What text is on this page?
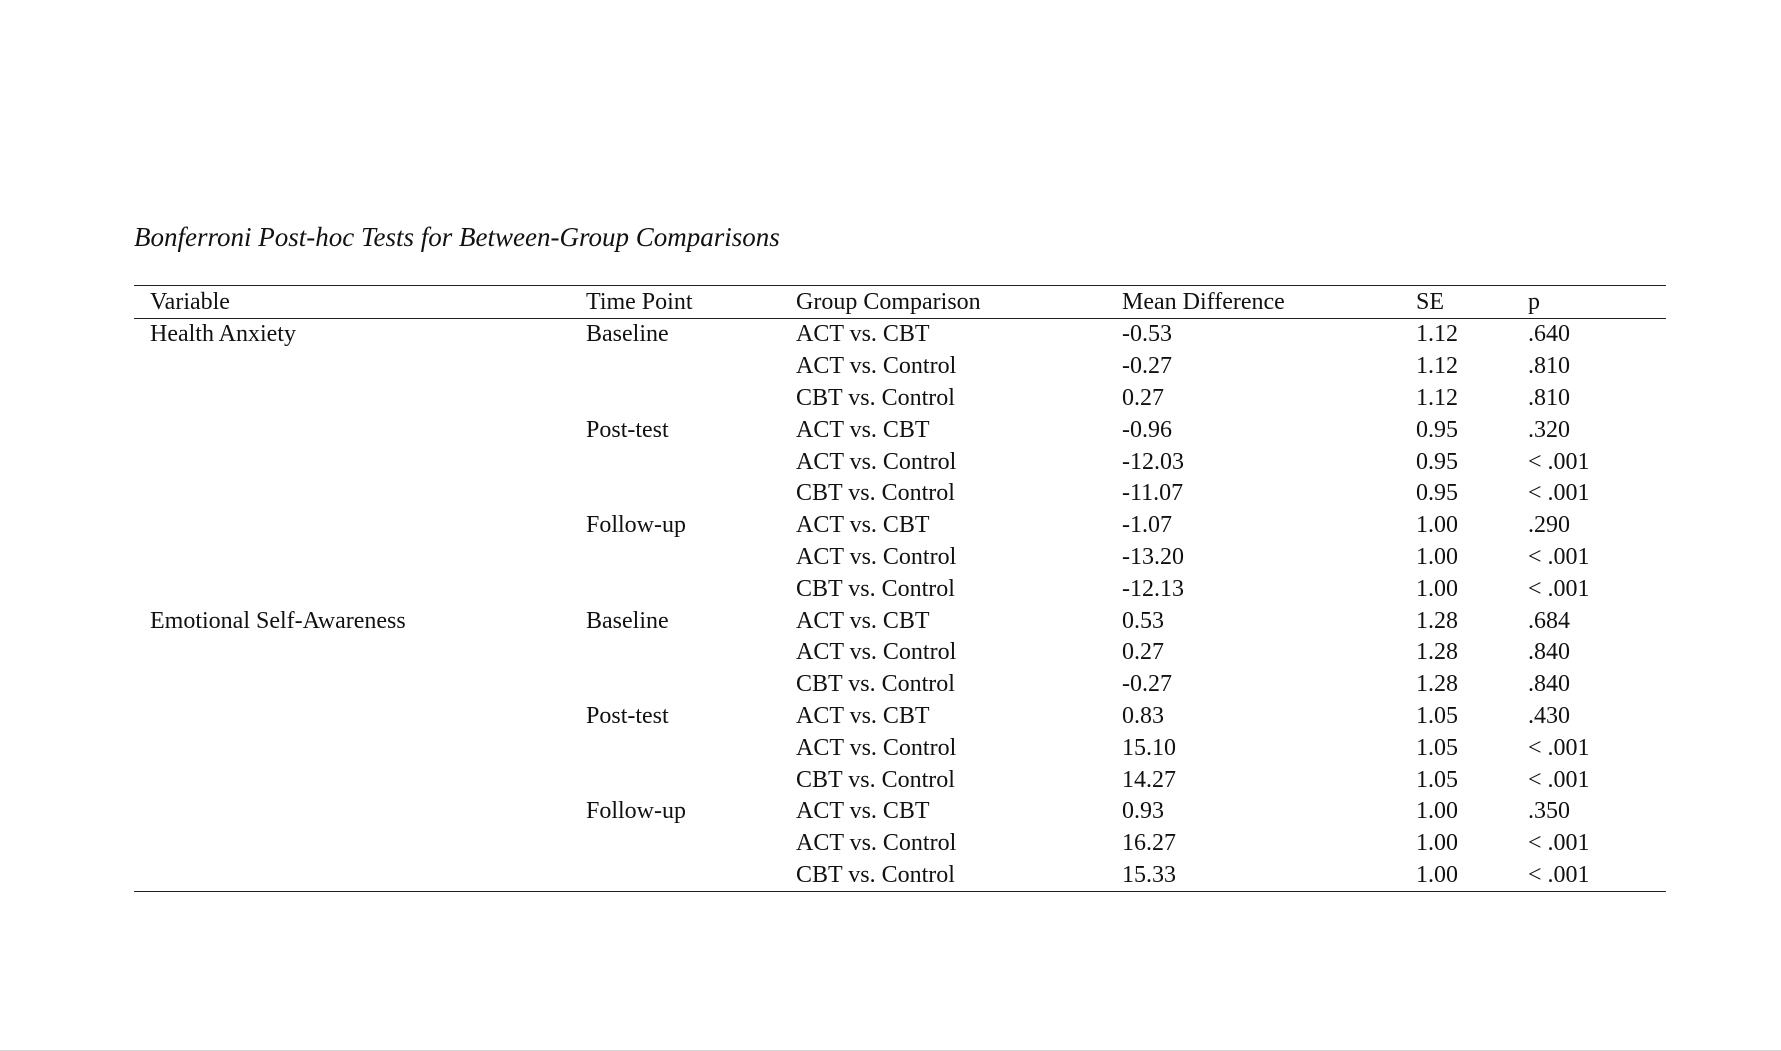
Bonferroni Post-hoc Tests for Between-Group Comparisons
Variable	Time Point	Group Comparison	Mean Difference	SE	p
Health Anxiety	Baseline	ACT vs. CBT	-0.53	1.12	.640
		ACT vs. Control	-0.27	1.12	.810
		CBT vs. Control	0.27	1.12	.810
	Post-test	ACT vs. CBT	-0.96	0.95	.320
		ACT vs. Control	-12.03	0.95	< .001
		CBT vs. Control	-11.07	0.95	< .001
	Follow-up	ACT vs. CBT	-1.07	1.00	.290
		ACT vs. Control	-13.20	1.00	< .001
		CBT vs. Control	-12.13	1.00	< .001
Emotional Self-Awareness	Baseline	ACT vs. CBT	0.53	1.28	.684
		ACT vs. Control	0.27	1.28	.840
		CBT vs. Control	-0.27	1.28	.840
	Post-test	ACT vs. CBT	0.83	1.05	.430
		ACT vs. Control	15.10	1.05	< .001
		CBT vs. Control	14.27	1.05	< .001
	Follow-up	ACT vs. CBT	0.93	1.00	.350
		ACT vs. Control	16.27	1.00	< .001
		CBT vs. Control	15.33	1.00	< .001
